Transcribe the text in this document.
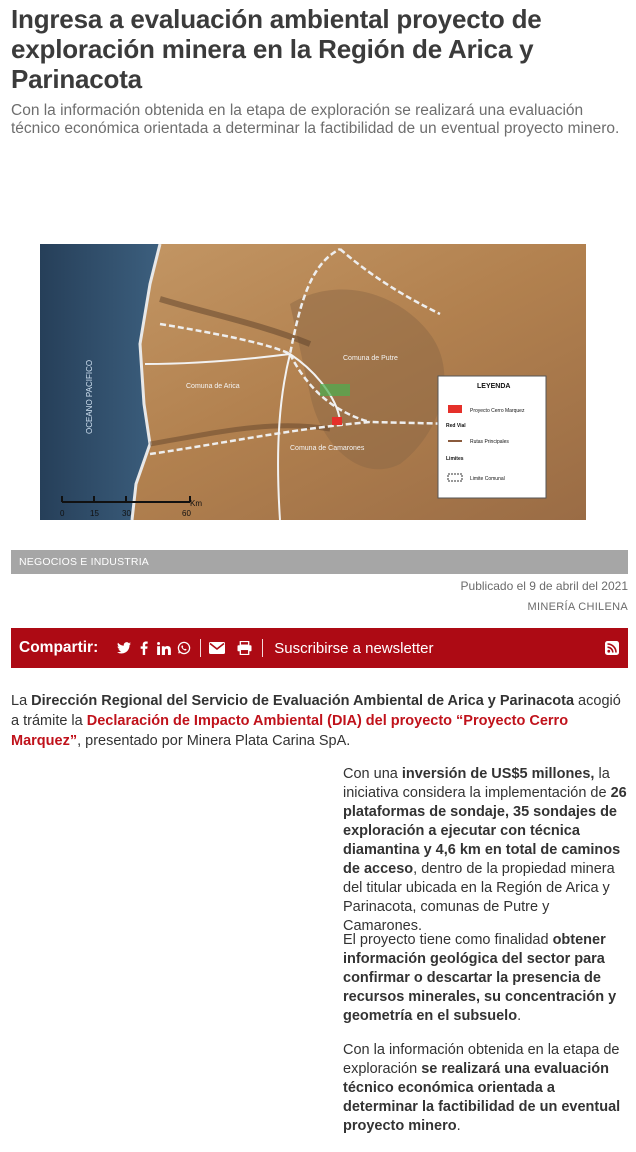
Ingresa a evaluación ambiental proyecto de exploración minera en la Región de Arica y Parinacota

Con la información obtenida en la etapa de exploración se realizará una evaluación técnico económica orientada a determinar la factibilidad de un eventual proyecto minero.

OCEANO PACIFICO	Comuna de Arica
Comuna de Putre
Comuna de Camarones
0	15	30	60
Km
LEYENDA
Proyecto Cerro Marquez
Red Vial
Rutas Principales
Limites
Limite Comunal
NEGOCIOS E INDUSTRIA
Publicado el 9 de abril del 2021
MINERÍA CHILENA
Compartir:	Suscribirse a newsletter

La Dirección Regional del Servicio de Evaluación Ambiental de Arica y Parinacota acogió a trámite la Declaración de Impacto Ambiental (DIA) del proyecto “Proyecto Cerro Marquez”, presentado por Minera Plata Carina SpA.

Con una inversión de US$5 millones, la iniciativa considera la implementación de 26 plataformas de sondaje, 35 sondajes de exploración a ejecutar con técnica diamantina y 4,6 km en total de caminos de acceso, dentro de la propiedad minera del titular ubicada en la Región de Arica y Parinacota, comunas de Putre y Camarones.

El proyecto tiene como finalidad obtener información geológica del sector para confirmar o descartar la presencia de recursos minerales, su concentración y geometría en el subsuelo.

Con la información obtenida en la etapa de exploración se realizará una evaluación técnico económica orientada a determinar la factibilidad de un eventual proyecto minero.
